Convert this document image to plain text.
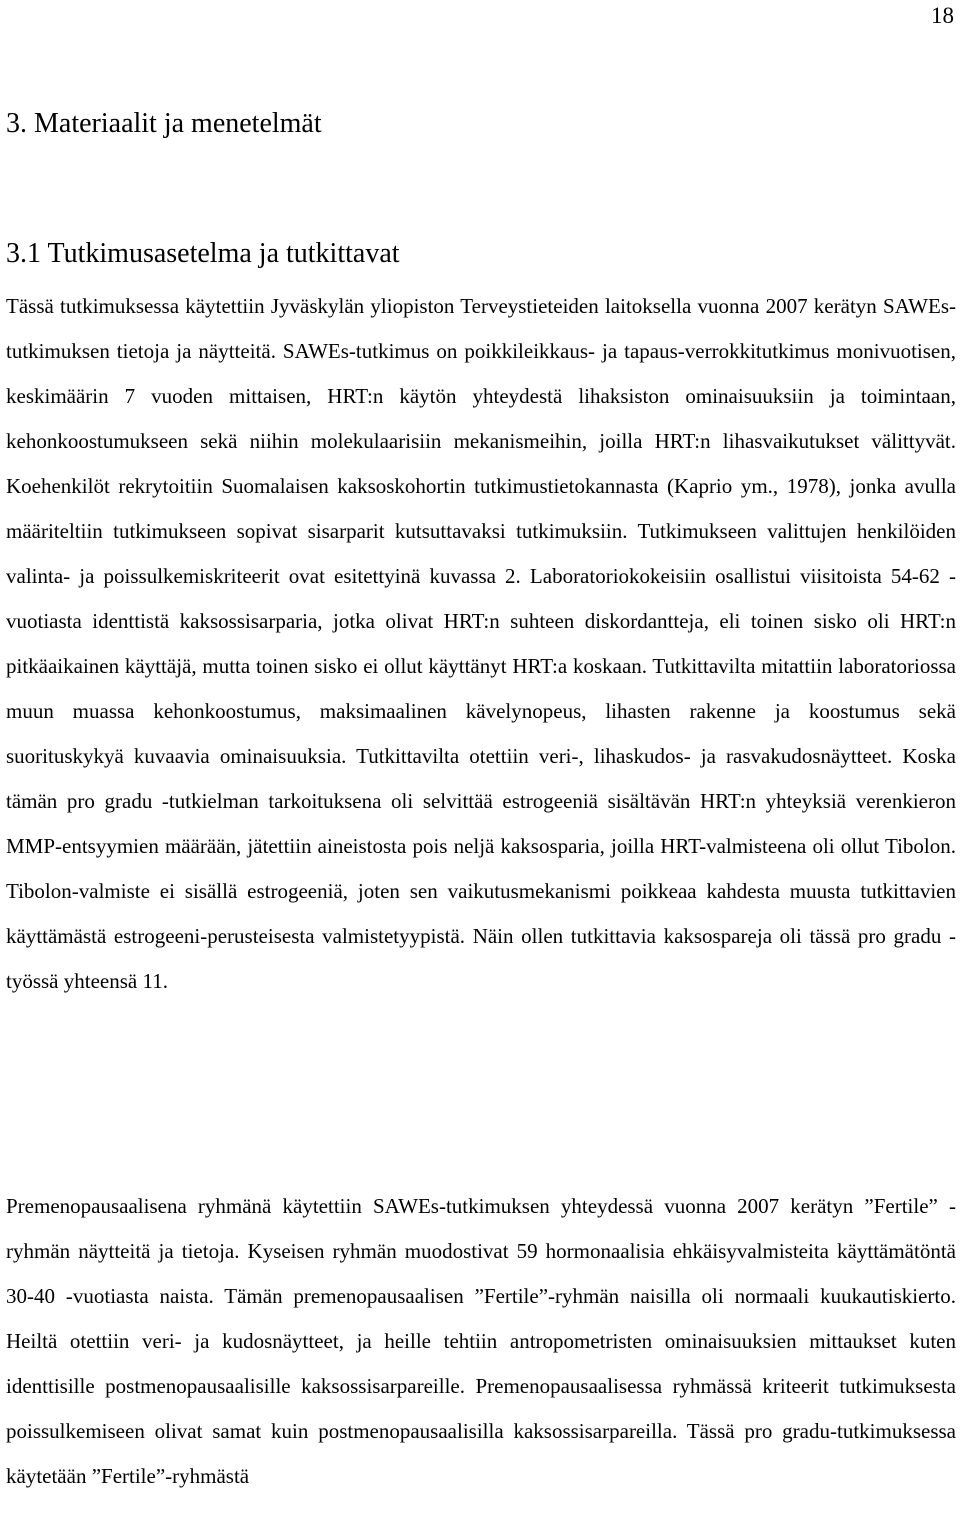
18
3. Materiaalit ja menetelmät
3.1 Tutkimusasetelma ja tutkittavat

Tässä tutkimuksessa käytettiin Jyväskylän yliopiston Terveystieteiden laitoksella vuonna 2007 kerätyn SAWEs-tutkimuksen tietoja ja näytteitä. SAWEs-tutkimus on poikkileikkaus- ja tapaus-verrokkitutkimus monivuotisen, keskimäärin 7 vuoden mittaisen, HRT:n käytön yhteydestä lihaksiston ominaisuuksiin ja toimintaan, kehonkoostumukseen sekä niihin molekulaarisiin mekanismeihin, joilla HRT:n lihasvaikutukset välittyvät. Koehenkilöt rekrytoitiin Suomalaisen kaksoskohortin tutkimustietokannasta (Kaprio ym., 1978), jonka avulla määriteltiin tutkimukseen sopivat sisarparit kutsuttavaksi tutkimuksiin. Tutkimukseen valittujen henkilöiden valinta- ja poissulkemiskriteerit ovat esitettyinä kuvassa 2. Laboratoriokokeisiin osallistui viisitoista 54-62 -vuotiasta identtistä kaksossisarparia, jotka olivat HRT:n suhteen diskordantteja, eli toinen sisko oli HRT:n pitkäaikainen käyttäjä, mutta toinen sisko ei ollut käyttänyt HRT:a koskaan. Tutkittavilta mitattiin laboratoriossa muun muassa kehonkoostumus, maksimaalinen kävelynopeus, lihasten rakenne ja koostumus sekä suorituskykyä kuvaavia ominaisuuksia. Tutkittavilta otettiin veri-, lihaskudos- ja rasvakudosnäytteet. Koska tämän pro gradu -tutkielman tarkoituksena oli selvittää estrogeeniä sisältävän HRT:n yhteyksiä verenkieron MMP-entsyymien määrään, jätettiin aineistosta pois neljä kaksosparia, joilla HRT-valmisteena oli ollut Tibolon. Tibolon-valmiste ei sisällä estrogeeniä, joten sen vaikutusmekanismi poikkeaa kahdesta muusta tutkittavien käyttämästä estrogeeni-perusteisesta valmistetyypistä. Näin ollen tutkittavia kaksospareja oli tässä pro gradu -työssä yhteensä 11.

Premenopausaalisena ryhmänä käytettiin SAWEs-tutkimuksen yhteydessä vuonna 2007 kerätyn ”Fertile” -ryhmän näytteitä ja tietoja. Kyseisen ryhmän muodostivat 59 hormonaalisia ehkäisyvalmisteita käyttämätöntä 30-40 -vuotiasta naista. Tämän premenopausaalisen ”Fertile”-ryhmän naisilla oli normaali kuukautiskierto. Heiltä otettiin veri- ja kudosnäytteet, ja heille tehtiin antropometristen ominaisuuksien mittaukset kuten identtisille postmenopausaalisille kaksossisarpareille. Premenopausaalisessa ryhmässä kriteerit tutkimuksesta poissulkemiseen olivat samat kuin postmenopausaalisilla kaksossisarpareilla. Tässä pro gradu-tutkimuksessa käytetään ”Fertile”-ryhmästä
